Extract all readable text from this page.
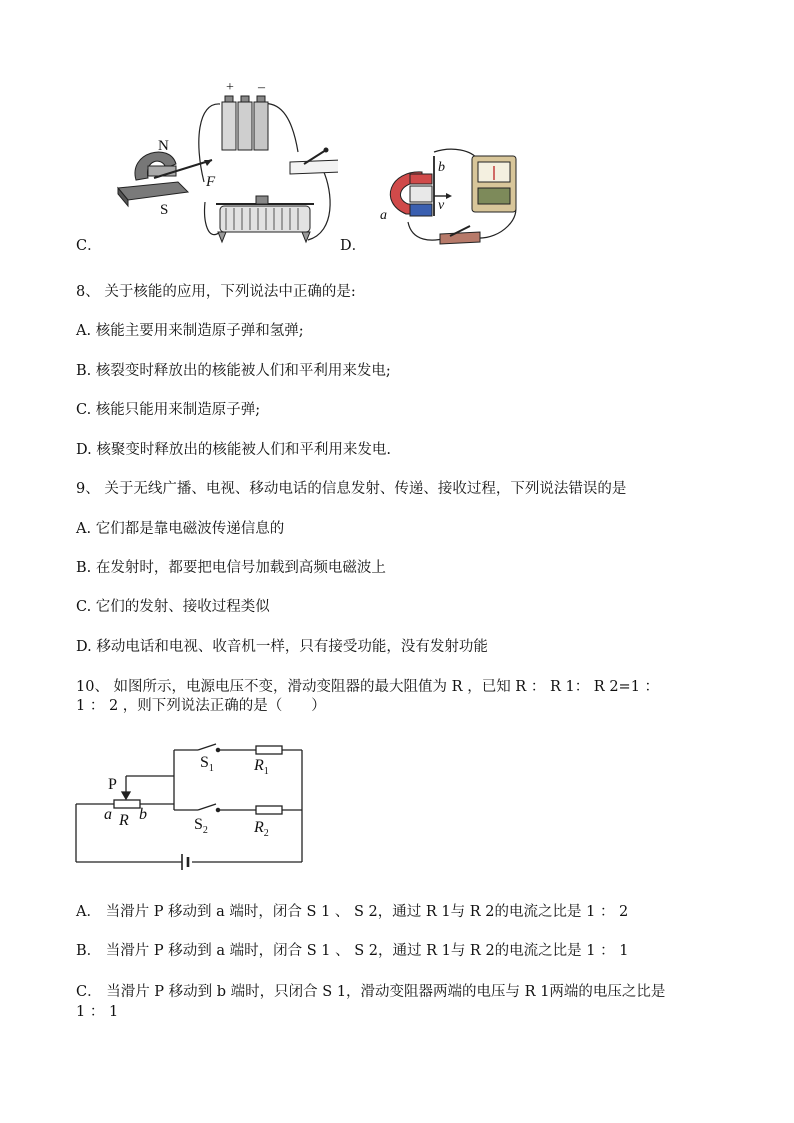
+ –
N
S
F
C．	D．
a
b
v
8、 关于核能的应用，下列说法中正确的是:
A. 核能主要用来制造原子弹和氢弹;
B. 核裂变时释放出的核能被人们和平利用来发电;
C. 核能只能用来制造原子弹;
D. 核聚变时释放出的核能被人们和平利用来发电.
9、 关于无线广播、电视、移动电话的信息发射、传递、接收过程，下列说法错误的是
A. 它们都是靠电磁波传递信息的
B. 在发射时，都要把电信号加载到高频电磁波上
C. 它们的发射、接收过程类似
D. 移动电话和电视、收音机一样，只有接受功能，没有发射功能
10、 如图所示，电源电压不变，滑动变阻器的最大阻值为 R ，已知 R ： R 1： R 2=1 ：
1 ： 2 ，则下列说法正确的是（　　）
P
a R b
$S_1$	$R_1$
$S_2$	$R_2$
A． 当滑片 P 移动到 a 端时，闭合 S 1 、 S 2，通过 R 1与 R 2的电流之比是 1 ： 2
B． 当滑片 P 移动到 a 端时，闭合 S 1 、 S 2，通过 R 1与 R 2的电流之比是 1 ： 1
C． 当滑片 P 移动到 b 端时，只闭合 S 1，滑动变阻器两端的电压与 R 1两端的电压之比是
1 ： 1
